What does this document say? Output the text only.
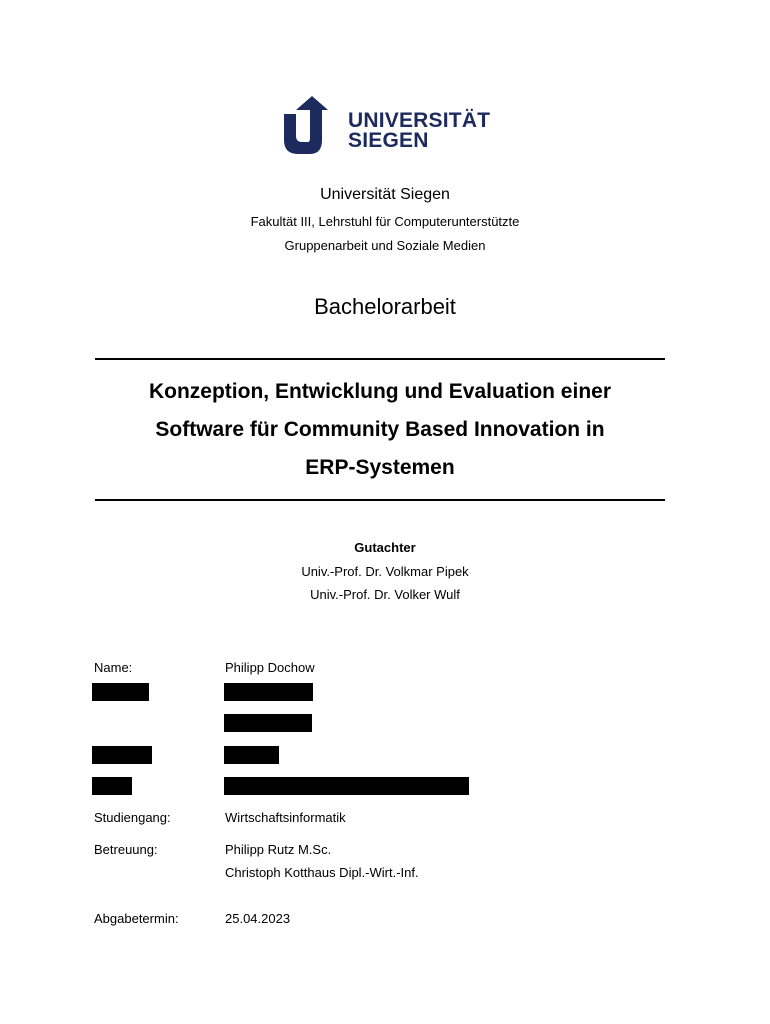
UNIVERSITÄT
SIEGEN
Universität Siegen
Fakultät III, Lehrstuhl für Computerunterstützte
Gruppenarbeit und Soziale Medien
Bachelorarbeit
Konzeption, Entwicklung und Evaluation einer
Software für Community Based Innovation in
ERP-Systemen
Gutachter
Univ.-Prof. Dr. Volkmar Pipek
Univ.-Prof. Dr. Volker Wulf
Name:	Philipp Dochow
Studiengang:	Wirtschaftsinformatik
Betreuung:	Philipp Rutz M.Sc.
Christoph Kotthaus Dipl.-Wirt.-Inf.
Abgabetermin:	25.04.2023
